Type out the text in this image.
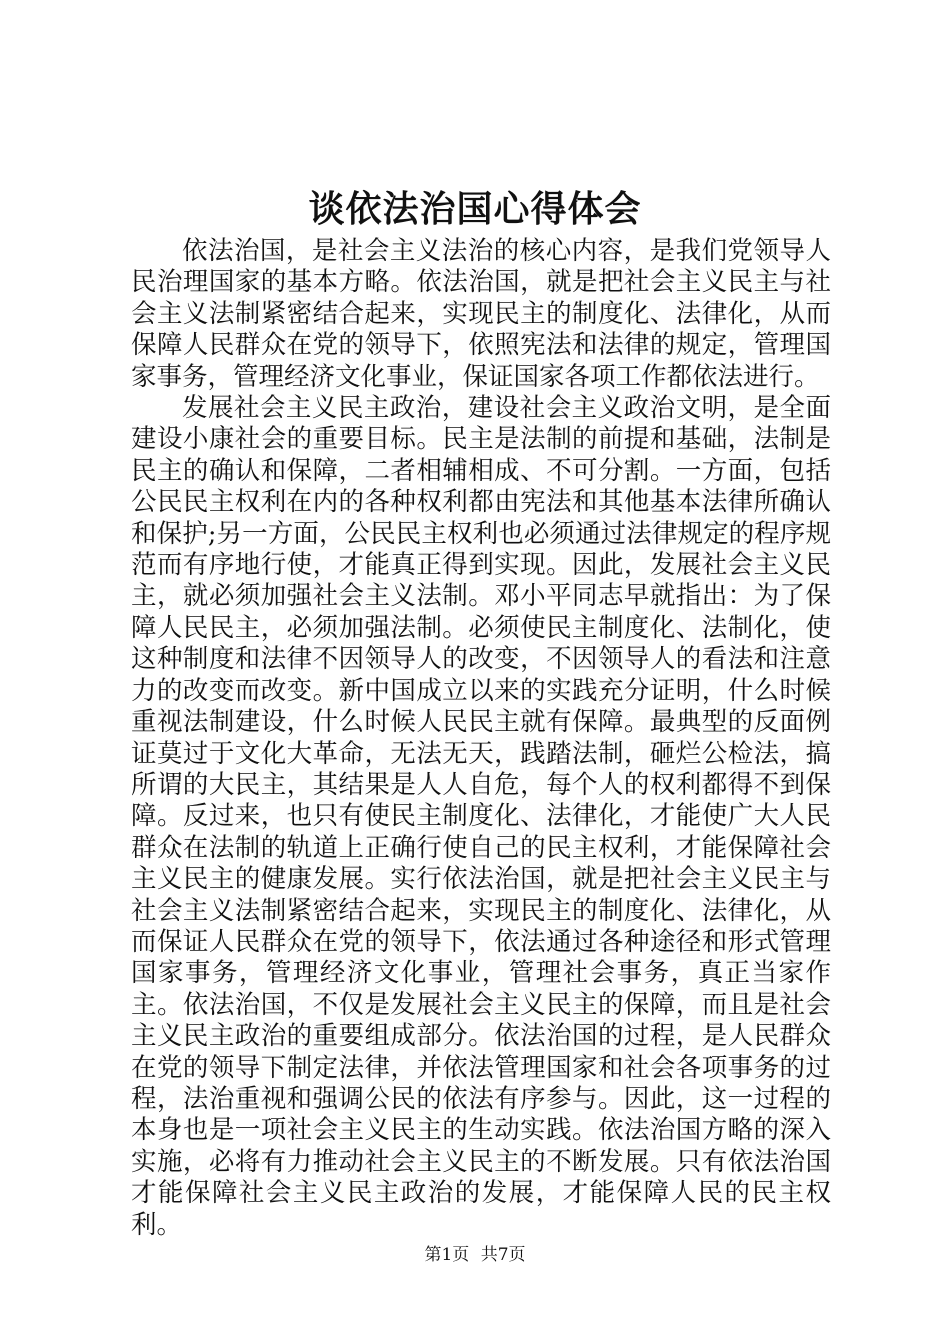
谈依法治国心得体会

依法治国，是社会主义法治的核心内容，是我们党领导人民治理国家的基本方略。依法治国，就是把社会主义民主与社会主义法制紧密结合起来，实现民主的制度化、法律化，从而保障人民群众在党的领导下，依照宪法和法律的规定，管理国家事务，管理经济文化事业，保证国家各项工作都依法进行。

发展社会主义民主政治，建设社会主义政治文明，是全面建设小康社会的重要目标。民主是法制的前提和基础，法制是民主的确认和保障，二者相辅相成、不可分割。一方面，包括公民民主权利在内的各种权利都由宪法和其他基本法律所确认和保护;另一方面，公民民主权利也必须通过法律规定的程序规范而有序地行使，才能真正得到实现。因此，发展社会主义民主，就必须加强社会主义法制。邓小平同志早就指出：为了保障人民民主，必须加强法制。必须使民主制度化、法制化，使这种制度和法律不因领导人的改变，不因领导人的看法和注意力的改变而改变。新中国成立以来的实践充分证明，什么时候重视法制建设，什么时候人民民主就有保障。最典型的反面例证莫过于文化大革命，无法无天，践踏法制，砸烂公检法，搞所谓的大民主，其结果是人人自危，每个人的权利都得不到保障。反过来，也只有使民主制度化、法律化，才能使广大人民群众在法制的轨道上正确行使自己的民主权利，才能保障社会主义民主的健康发展。实行依法治国，就是把社会主义民主与社会主义法制紧密结合起来，实现民主的制度化、法律化，从而保证人民群众在党的领导下，依法通过各种途径和形式管理国家事务，管理经济文化事业，管理社会事务，真正当家作主。依法治国，不仅是发展社会主义民主的保障，而且是社会主义民主政治的重要组成部分。依法治国的过程，是人民群众在党的领导下制定法律，并依法管理国家和社会各项事务的过程，法治重视和强调公民的依法有序参与。因此，这一过程的本身也是一项社会主义民主的生动实践。依法治国方略的深入实施，必将有力推动社会主义民主的不断发展。只有依法治国才能保障社会主义民主政治的发展，才能保障人民的民主权利。

第1页 共7页
